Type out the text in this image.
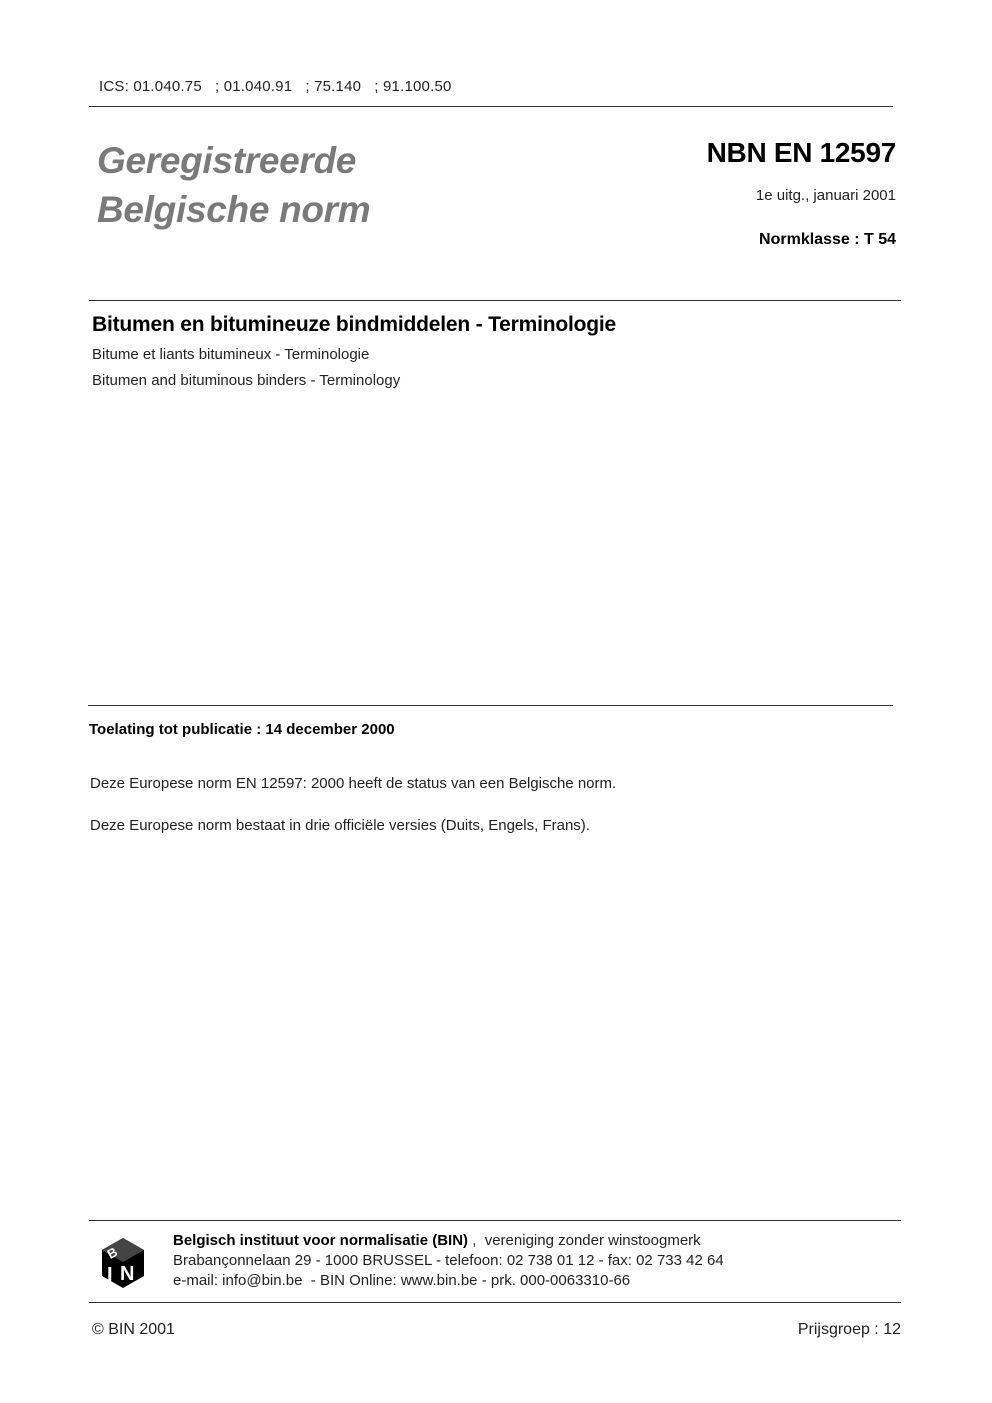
ICS: 01.040.75   ; 01.040.91   ; 75.140   ; 91.100.50
Geregistreerde
Belgische norm
NBN EN 12597
1e uitg., januari 2001
Normklasse : T 54
Bitumen en bitumineuze bindmiddelen - Terminologie
Bitume et liants bitumineux - Terminologie
Bitumen and bituminous binders - Terminology
Toelating tot publicatie : 14 december 2000
Deze Europese norm EN 12597: 2000 heeft de status van een Belgische norm.
Deze Europese norm bestaat in drie officiële versies (Duits, Engels, Frans).
B
I N
Belgisch instituut voor normalisatie (BIN) ,  vereniging zonder winstoogmerk
Brabançonnelaan 29 - 1000 BRUSSEL - telefoon: 02 738 01 12 - fax: 02 733 42 64
e-mail: info@bin.be  - BIN Online: www.bin.be - prk. 000-0063310-66
© BIN 2001	Prijsgroep : 12
